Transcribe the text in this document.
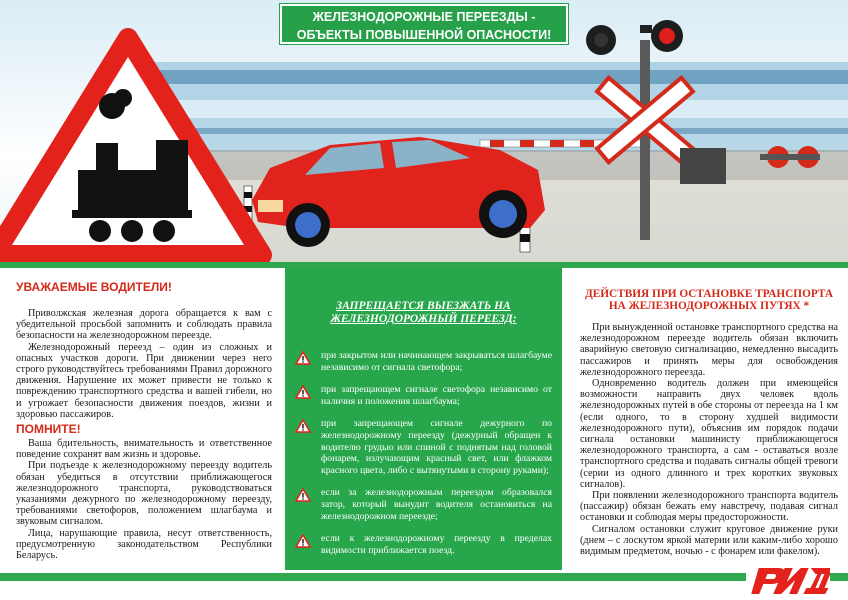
ЖЕЛЕЗНОДОРОЖНЫЕ ПЕРЕЕЗДЫ -
ОБЪЕКТЫ ПОВЫШЕННОЙ ОПАСНОСТИ!
УВАЖАЕМЫЕ ВОДИТЕЛИ!

Приволжская железная дорога обращается к вам с убедительной просьбой запомнить и соблюдать правила безопасности на железнодорожном переезде.

Железнодорожный переезд – один из сложных и опасных участков дороги. При движении через него строго руководствуйтесь требованиями Правил дорожного движения. Нарушение их может привести не только к повреждению транспортного средства и вашей гибели, но и угрожает безопасности движения поездов, жизни и здоровью пассажиров.

ПОМНИТЕ!

Ваша бдительность, внимательность и ответственное поведение сохранят вам жизнь и здоровье.

При подъезде к железнодорожному переезду водитель обязан убедиться в отсутствии приближающегося железнодорожного транспорта, руководствоваться указаниями дежурного по железнодорожному переезду, требованиями светофоров, положением шлагбаума и звуковым сигналом.

Лица, нарушающие правила, несут ответственность, предусмотренную законодательством Республики Беларусь.

ЗАПРЕЩАЕТСЯ ВЫЕЗЖАТЬ НА
ЖЕЛЕЗНОДОРОЖНЫЙ ПЕРЕЕЗД:

при закрытом или начинающем закрываться шлагбауме независимо от сигнала светофора;

при запрещающем сигнале светофора независимо от наличия и положения шлагбаума;

при запрещающем сигнале дежурного по железнодорожному переезду (дежурный обращен к водителю грудью или спиной с поднятым над головой фонарем, излучающим красный свет, или флажком красного цвета, либо с вытянутыми в сторону руками);

если за железнодорожным переездом образовался затор, который вынудит водителя остановиться на железнодорожном переезде;

если к железнодорожному переезду в пределах видимости приближается поезд.

ДЕЙСТВИЯ ПРИ ОСТАНОВКЕ ТРАНСПОРТА
НА ЖЕЛЕЗНОДОРОЖНЫХ ПУТЯХ *

При вынужденной остановке транспортного средства на железнодорожном переезде водитель обязан включить аварийную световую сигнализацию, немедленно высадить пассажиров и принять меры для освобождения железнодорожного переезда.

Одновременно водитель должен при имеющейся возможности направить двух человек вдоль железнодорожных путей в обе стороны от переезда на 1 км (если одного, то в сторону худшей видимости железнодорожного пути), объяснив им порядок подачи сигнала остановки машинисту приближающегося железнодорожного транспорта, а сам - оставаться возле транспортного средства и подавать сигналы общей тревоги (серии из одного длинного и трех коротких звуковых сигналов).

При появлении железнодорожного транспорта водитель (пассажир) обязан бежать ему навстречу, подавая сигнал остановки и соблюдая меры предосторожности.

Сигналом остановки служит круговое движение руки (днем – с лоскутом яркой материи или каким-либо хорошо видимым предметом, ночью - с фонарем или факелом).
